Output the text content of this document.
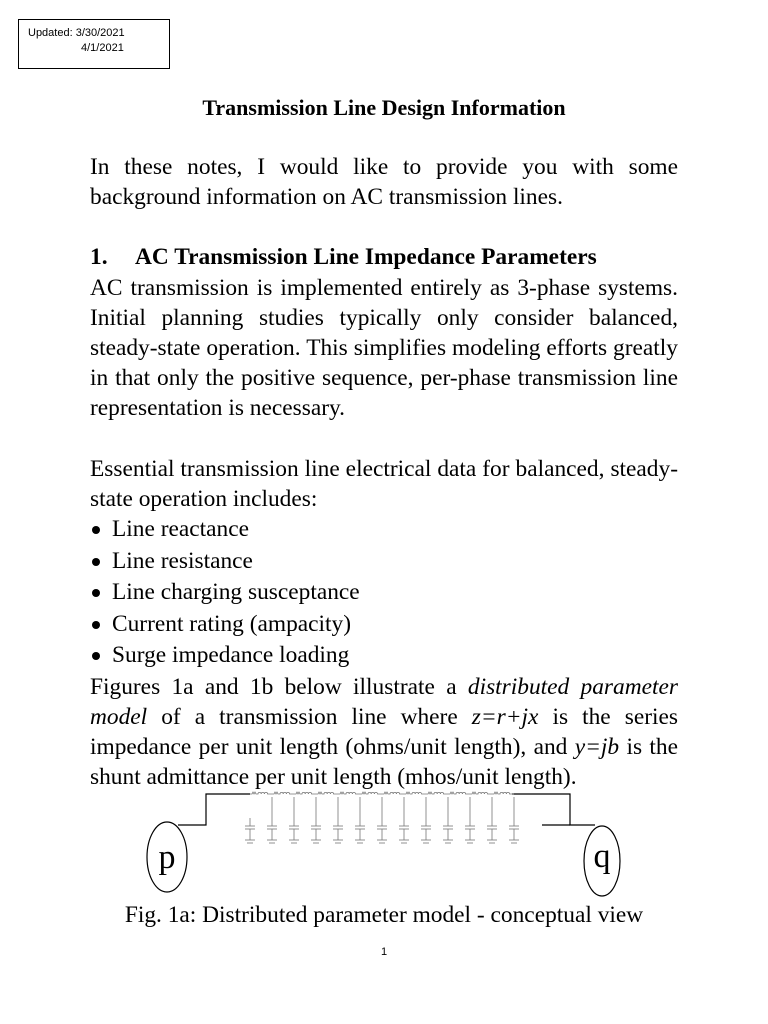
Updated: 3/30/2021
4/1/2021
Transmission Line Design Information

In these notes, I would like to provide you with some background information on AC transmission lines.

1. AC Transmission Line Impedance Parameters

AC transmission is implemented entirely as 3-phase systems. Initial planning studies typically only consider balanced, steady-state operation. This simplifies modeling efforts greatly in that only the positive sequence, per-phase transmission line representation is necessary.

Essential transmission line electrical data for balanced, steady-state operation includes:

Line reactance
Line resistance
Line charging susceptance
Current rating (ampacity)
Surge impedance loading

Figures 1a and 1b below illustrate a distributed parameter model of a transmission line where z=r+jx is the series impedance per unit length (ohms/unit length), and y=jb is the shunt admittance per unit length (mhos/unit length).

p	q
Fig. 1a: Distributed parameter model - conceptual view
1
